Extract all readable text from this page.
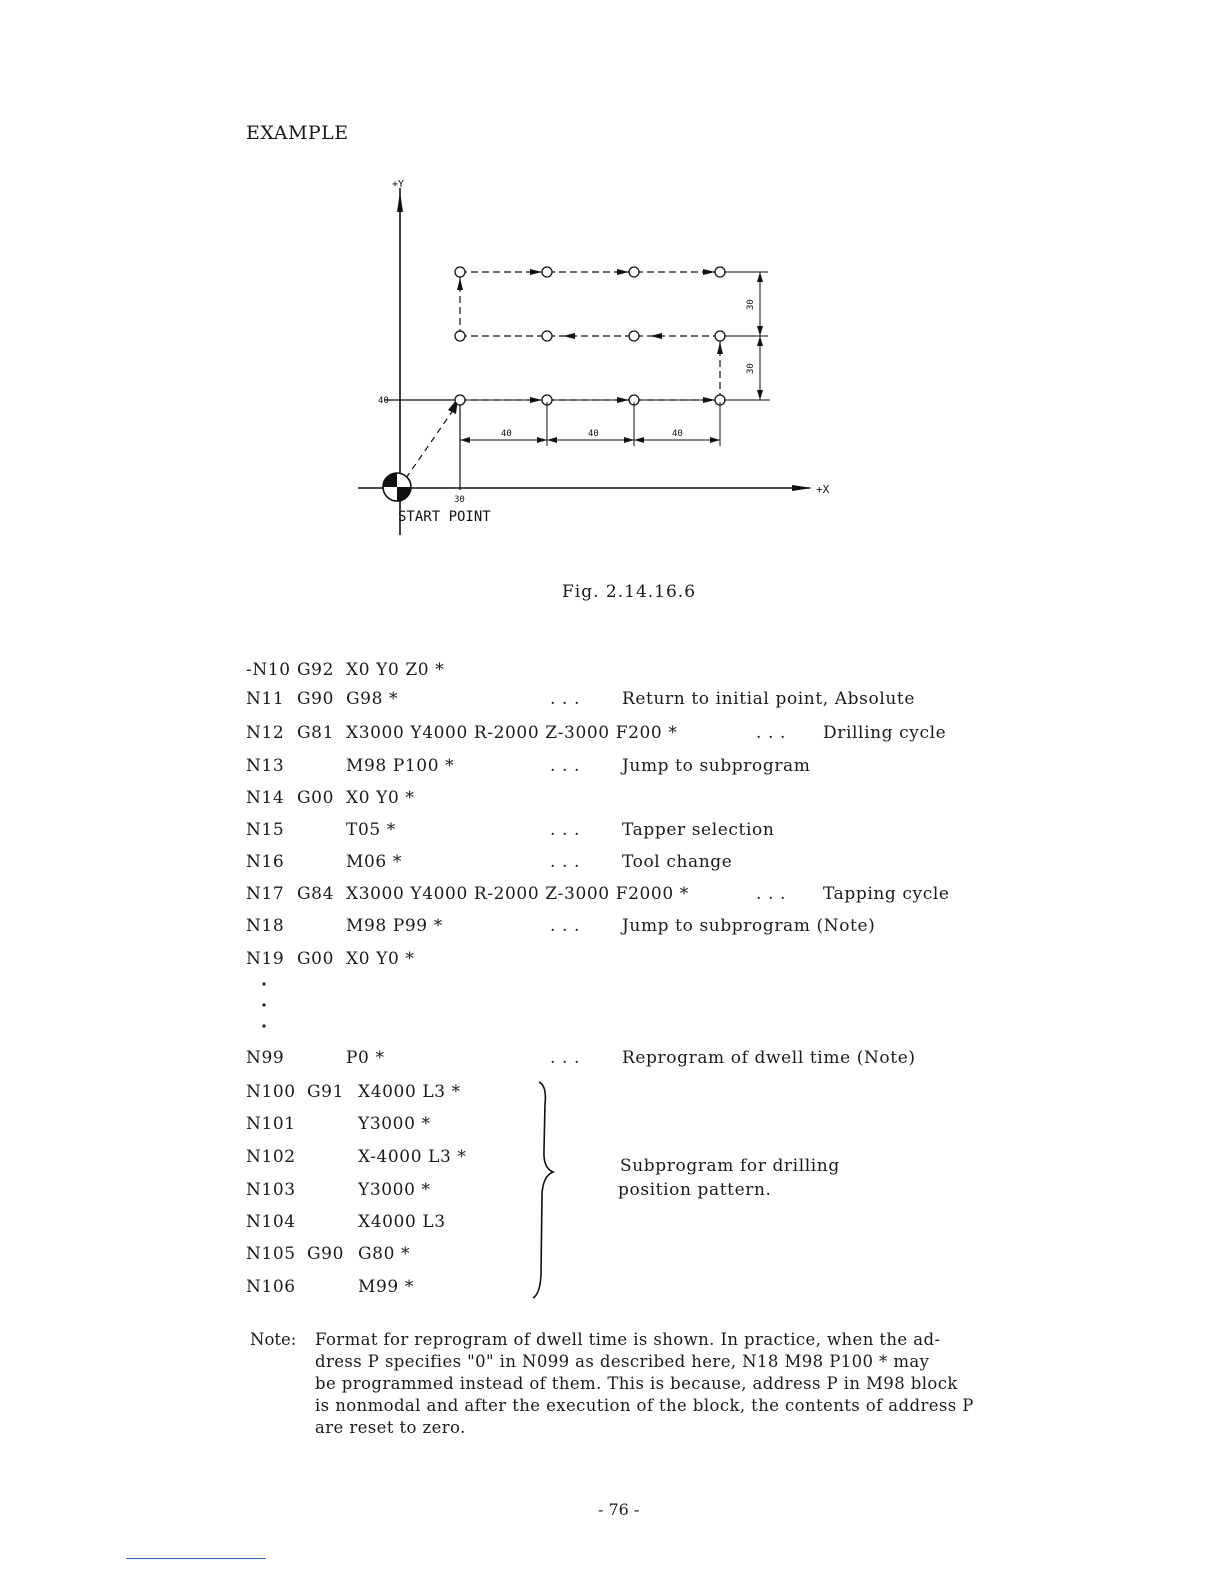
EXAMPLE
+Y
+X
40
30
40	40	40
30
30
START POINT
Fig. 2.14.16.6
-N10 G92 X0 Y0 Z0 *
N11 G90 G98 *	. . . Return to initial point, Absolute
N12 G81 X3000 Y4000 R-2000 Z-3000 F200 *	. . . Drilling cycle
N13	M98 P100 *	. . . Jump to subprogram
N14 G00 X0 Y0 *
N15	T05 *	. . . Tapper selection
N16	M06 *	. . . Tool change
N17 G84 X3000 Y4000 R-2000 Z-3000 F2000 *	. . . Tapping cycle
N18	M98 P99 *	. . . Jump to subprogram (Note)
N19 G00 X0 Y0 *
N99	P0 *	. . . Reprogram of dwell time (Note)
N100 G91 X4000 L3 *
N101	Y3000 *
N102	X-4000 L3 *
N103	Y3000 *
N104	X4000 L3
N105 G90 G80 *
N106	M99 *
Subprogram for drilling
position pattern.
Note: Format for reprogram of dwell time is shown. In practice, when the ad-
dress P specifies "0" in N099 as described here, N18 M98 P100 * may
be programmed instead of them. This is because, address P in M98 block
is nonmodal and after the execution of the block, the contents of address P
are reset to zero.
- 76 -
